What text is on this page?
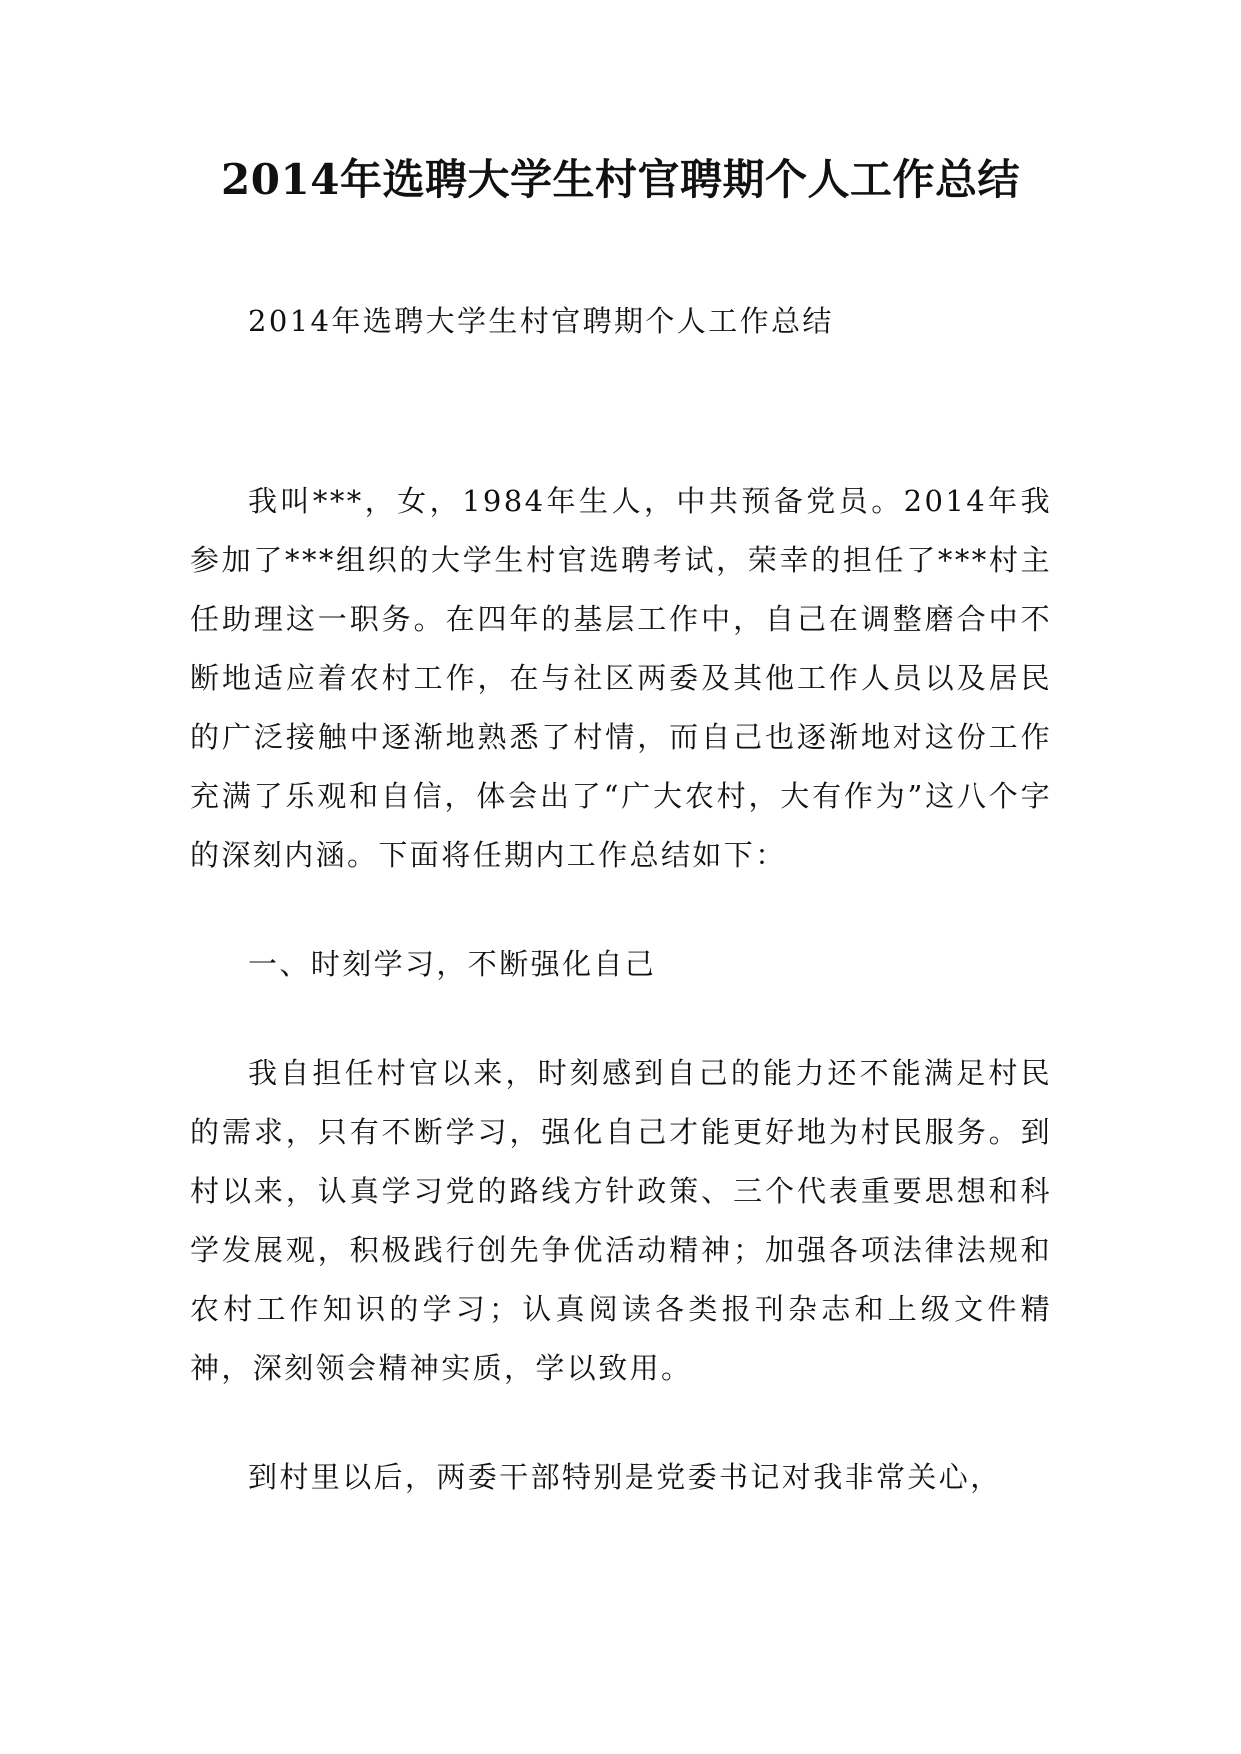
2014年选聘大学生村官聘期个人工作总结

2014年选聘大学生村官聘期个人工作总结

我叫***，女，1984年生人，中共预备党员。2014年我参加了***组织的大学生村官选聘考试，荣幸的担任了***村主任助理这一职务。在四年的基层工作中，自己在调整磨合中不断地适应着农村工作，在与社区两委及其他工作人员以及居民的广泛接触中逐渐地熟悉了村情，而自己也逐渐地对这份工作充满了乐观和自信，体会出了“广大农村，大有作为”这八个字的深刻内涵。下面将任期内工作总结如下：

一、时刻学习，不断强化自己

我自担任村官以来，时刻感到自己的能力还不能满足村民的需求，只有不断学习，强化自己才能更好地为村民服务。到村以来，认真学习党的路线方针政策、三个代表重要思想和科学发展观，积极践行创先争优活动精神；加强各项法律法规和农村工作知识的学习；认真阅读各类报刊杂志和上级文件精神，深刻领会精神实质，学以致用。

到村里以后，两委干部特别是党委书记对我非常关心，
